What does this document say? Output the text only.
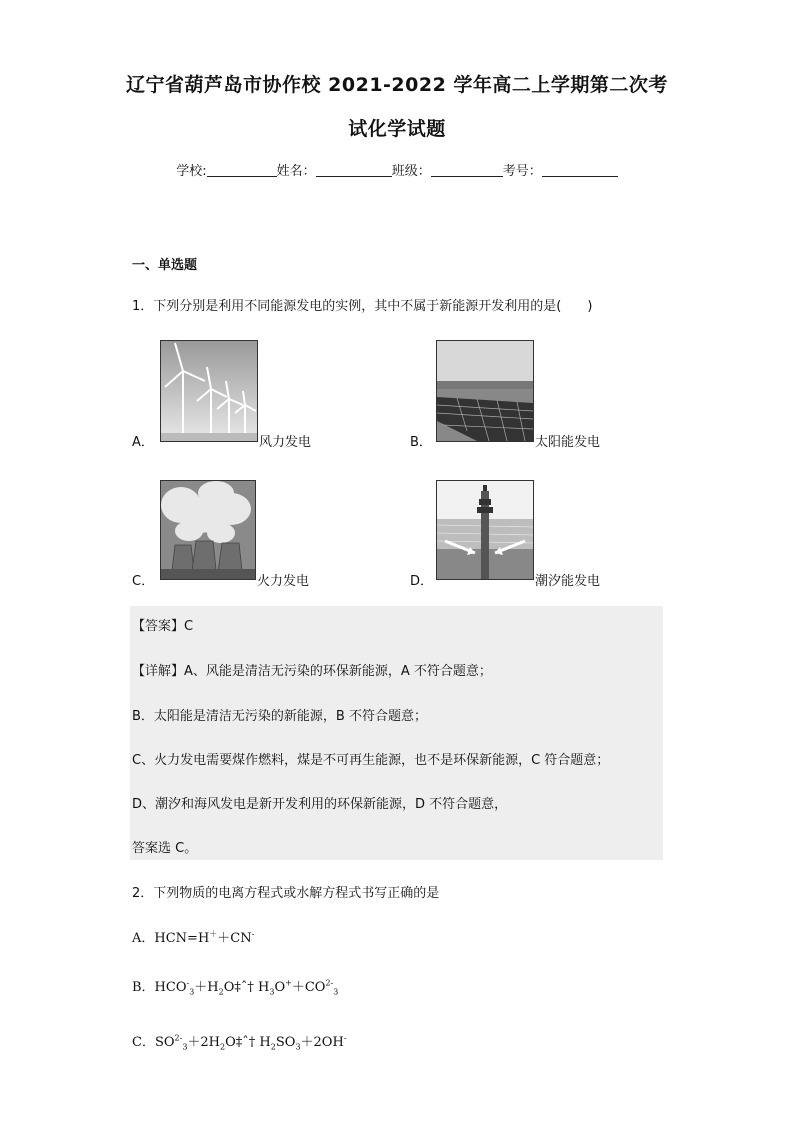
辽宁省葫芦岛市协作校 2021-2022 学年高二上学期第二次考
试化学试题
学校:	姓名：	班级：	考号：
一、单选题
1．下列分别是利用不同能源发电的实例，其中不属于新能源开发利用的是(　　)
A．	风力发电	B．	太阳能发电
C．	火力发电	D．	潮汐能发电
【答案】C
【详解】A、风能是清洁无污染的环保新能源，A 不符合题意；
B．太阳能是清洁无污染的新能源，B 不符合题意；
C、火力发电需要煤作燃料，煤是不可再生能源，也不是环保新能源，C 符合题意；
D、潮汐和海风发电是新开发利用的环保新能源，D 不符合题意，
答案选 C。
2．下列物质的电离方程式或水解方程式书写正确的是
A．HCN=H＋＋CN-
B．$HCO^-_3+H_2O\ddagger ˆ\dagger$ $H_3O^++CO^{2-}_3$
C．$SO^{2-}_3+2H_2O\ddagger ˆ\dagger$ $H_2SO_3+2OH^-$
